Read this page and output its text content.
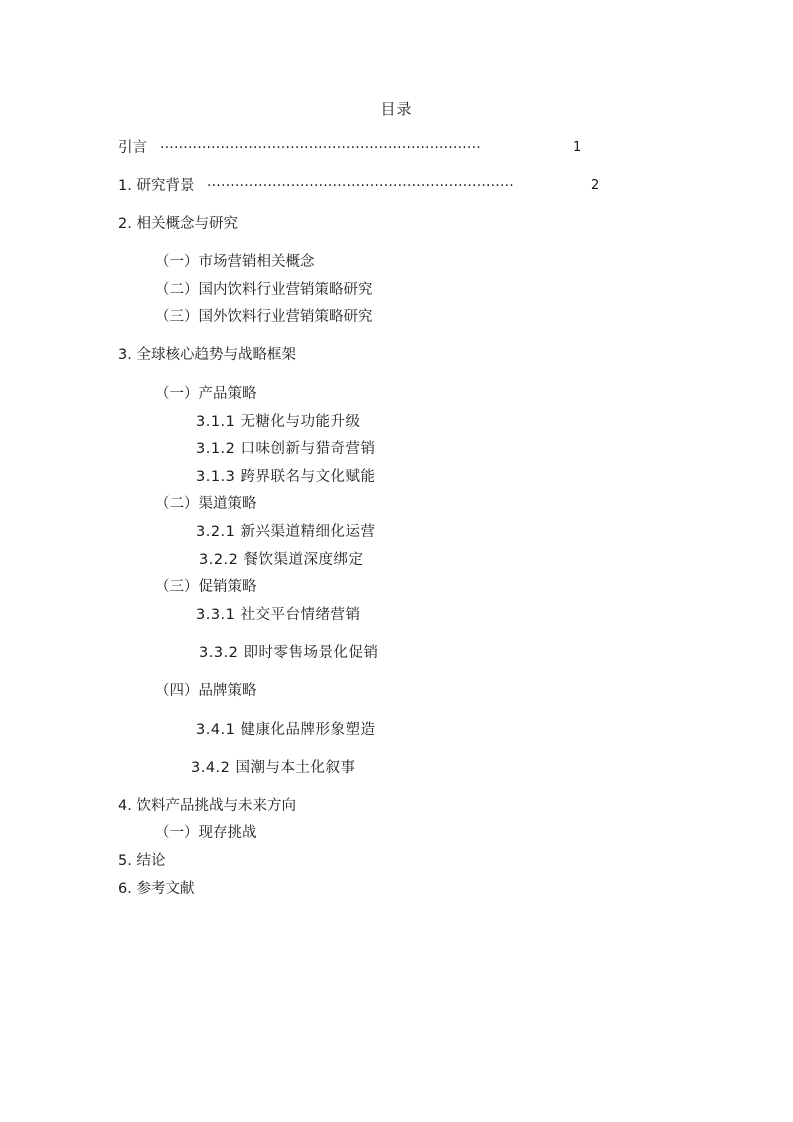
目录
引言 ·····································································	1
1. 研究背景 ··································································	2
2. 相关概念与研究
（一）市场营销相关概念
（二）国内饮料行业营销策略研究
（三）国外饮料行业营销策略研究
3. 全球核心趋势与战略框架
（一）产品策略
3.1.1 无糖化与功能升级
3.1.2 口味创新与猎奇营销
3.1.3 跨界联名与文化赋能
（二）渠道策略
3.2.1 新兴渠道精细化运营
3.2.2 餐饮渠道深度绑定
（三）促销策略
3.3.1 社交平台情绪营销
3.3.2 即时零售场景化促销
（四）品牌策略
3.4.1 健康化品牌形象塑造
3.4.2 国潮与本土化叙事
4. 饮料产品挑战与未来方向
（一）现存挑战
5. 结论
6. 参考文献
